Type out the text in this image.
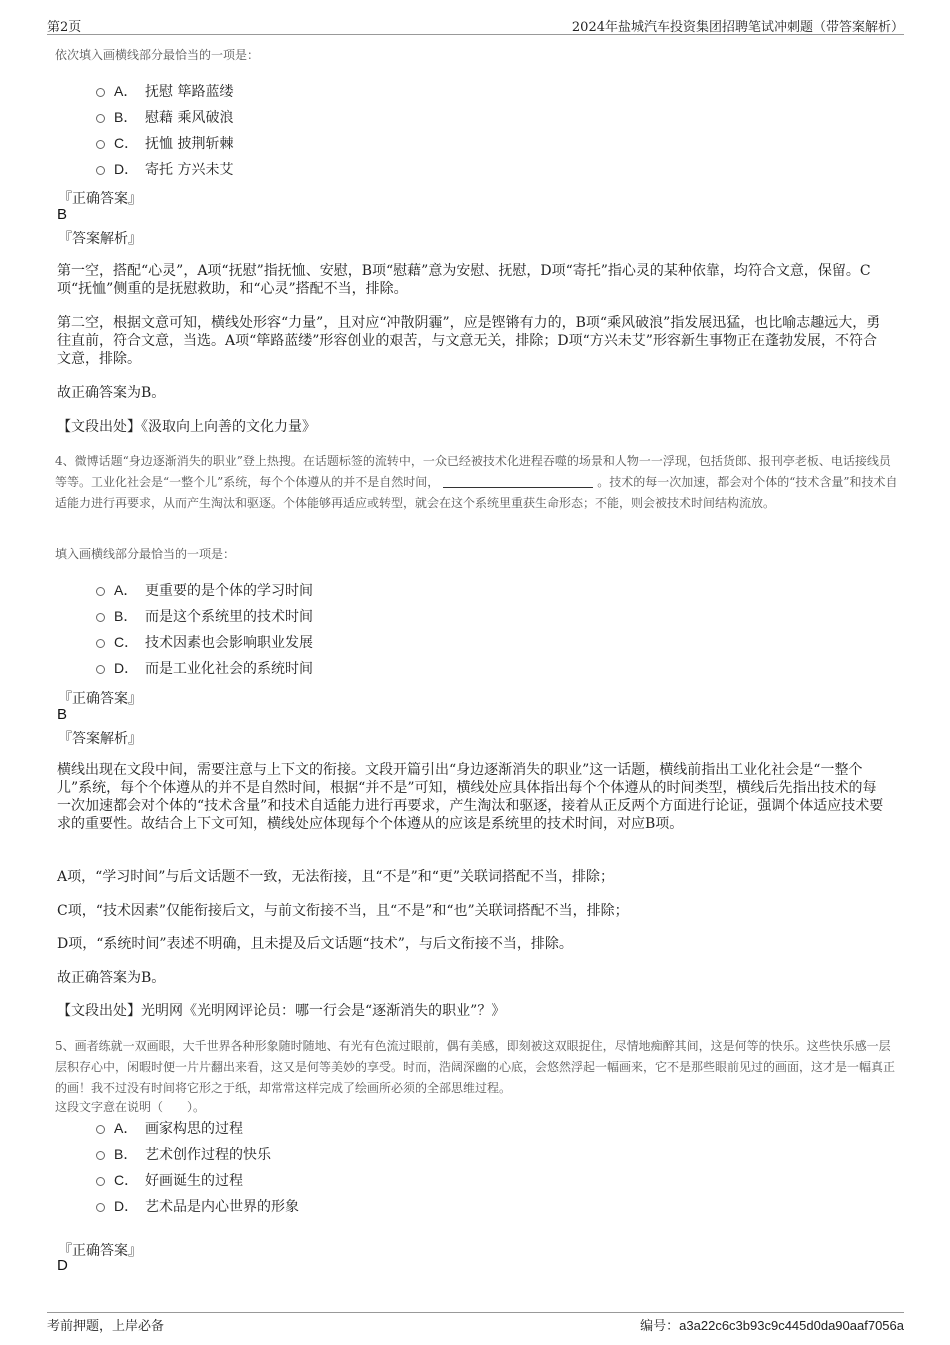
第2页	2024年盐城汽车投资集团招聘笔试冲刺题（带答案解析）
依次填入画横线部分最恰当的一项是：
A． 抚慰 筚路蓝缕
B． 慰藉 乘风破浪
C． 抚恤 披荆斩棘
D． 寄托 方兴未艾
『正确答案』
B
『答案解析』

第一空，搭配“心灵”，A项“抚慰”指抚恤、安慰，B项“慰藉”意为安慰、抚慰，D项“寄托”指心灵的某种依靠，均符合文意，保留。C项“抚恤”侧重的是抚慰救助，和“心灵”搭配不当，排除。

第二空，根据文意可知，横线处形容“力量”，且对应“冲散阴霾”，应是铿锵有力的，B项“乘风破浪”指发展迅猛，也比喻志趣远大，勇往直前，符合文意，当选。A项“筚路蓝缕”形容创业的艰苦，与文意无关，排除；D项“方兴未艾”形容新生事物正在蓬勃发展，不符合文意，排除。

故正确答案为B。

【文段出处】《汲取向上向善的文化力量》

4、微博话题“身边逐渐消失的职业”登上热搜。在话题标签的流转中，一众已经被技术化进程吞噬的场景和人物一一浮现，包括货郎、报刊亭老板、电话接线员等等。工业化社会是“一整个儿”系统，每个个体遵从的并不是自然时间，	。技术的每一次加速，都会对个体的“技术含量”和技术自适能力进行再要求，从而产生淘汰和驱逐。个体能够再适应或转型，就会在这个系统里重获生命形态；不能，则会被技术时间结构流放。
填入画横线部分最恰当的一项是：
A． 更重要的是个体的学习时间
B． 而是这个系统里的技术时间
C． 技术因素也会影响职业发展
D． 而是工业化社会的系统时间
『正确答案』
B
『答案解析』

横线出现在文段中间，需要注意与上下文的衔接。文段开篇引出“身边逐渐消失的职业”这一话题，横线前指出工业化社会是“一整个儿”系统，每个个体遵从的并不是自然时间，根据“并不是”可知，横线处应具体指出每个个体遵从的时间类型，横线后先指出技术的每一次加速都会对个体的“技术含量”和技术自适能力进行再要求，产生淘汰和驱逐，接着从正反两个方面进行论证，强调个体适应技术要求的重要性。故结合上下文可知，横线处应体现每个个体遵从的应该是系统里的技术时间，对应B项。

A项，“学习时间”与后文话题不一致，无法衔接，且“不是”和“更”关联词搭配不当，排除；

C项，“技术因素”仅能衔接后文，与前文衔接不当，且“不是”和“也”关联词搭配不当，排除；

D项，“系统时间”表述不明确，且未提及后文话题“技术”，与后文衔接不当，排除。

故正确答案为B。

【文段出处】光明网《光明网评论员：哪一行会是“逐渐消失的职业”？》

5、画者练就一双画眼，大千世界各种形象随时随地、有光有色流过眼前，偶有美感，即刻被这双眼捉住，尽情地痴醉其间，这是何等的快乐。这些快乐感一层层积存心中，闲暇时便一片片翻出来看，这又是何等美妙的享受。时而，浩阔深幽的心底，会悠然浮起一幅画来，它不是那些眼前见过的画面，这才是一幅真正的画！我不过没有时间将它形之于纸，却常常这样完成了绘画所必须的全部思维过程。
这段文字意在说明（ ）。
A． 画家构思的过程
B． 艺术创作过程的快乐
C． 好画诞生的过程
D． 艺术品是内心世界的形象
『正确答案』
D
考前押题，上岸必备	编号：a3a22c6c3b93c9c445d0da90aaf7056a
